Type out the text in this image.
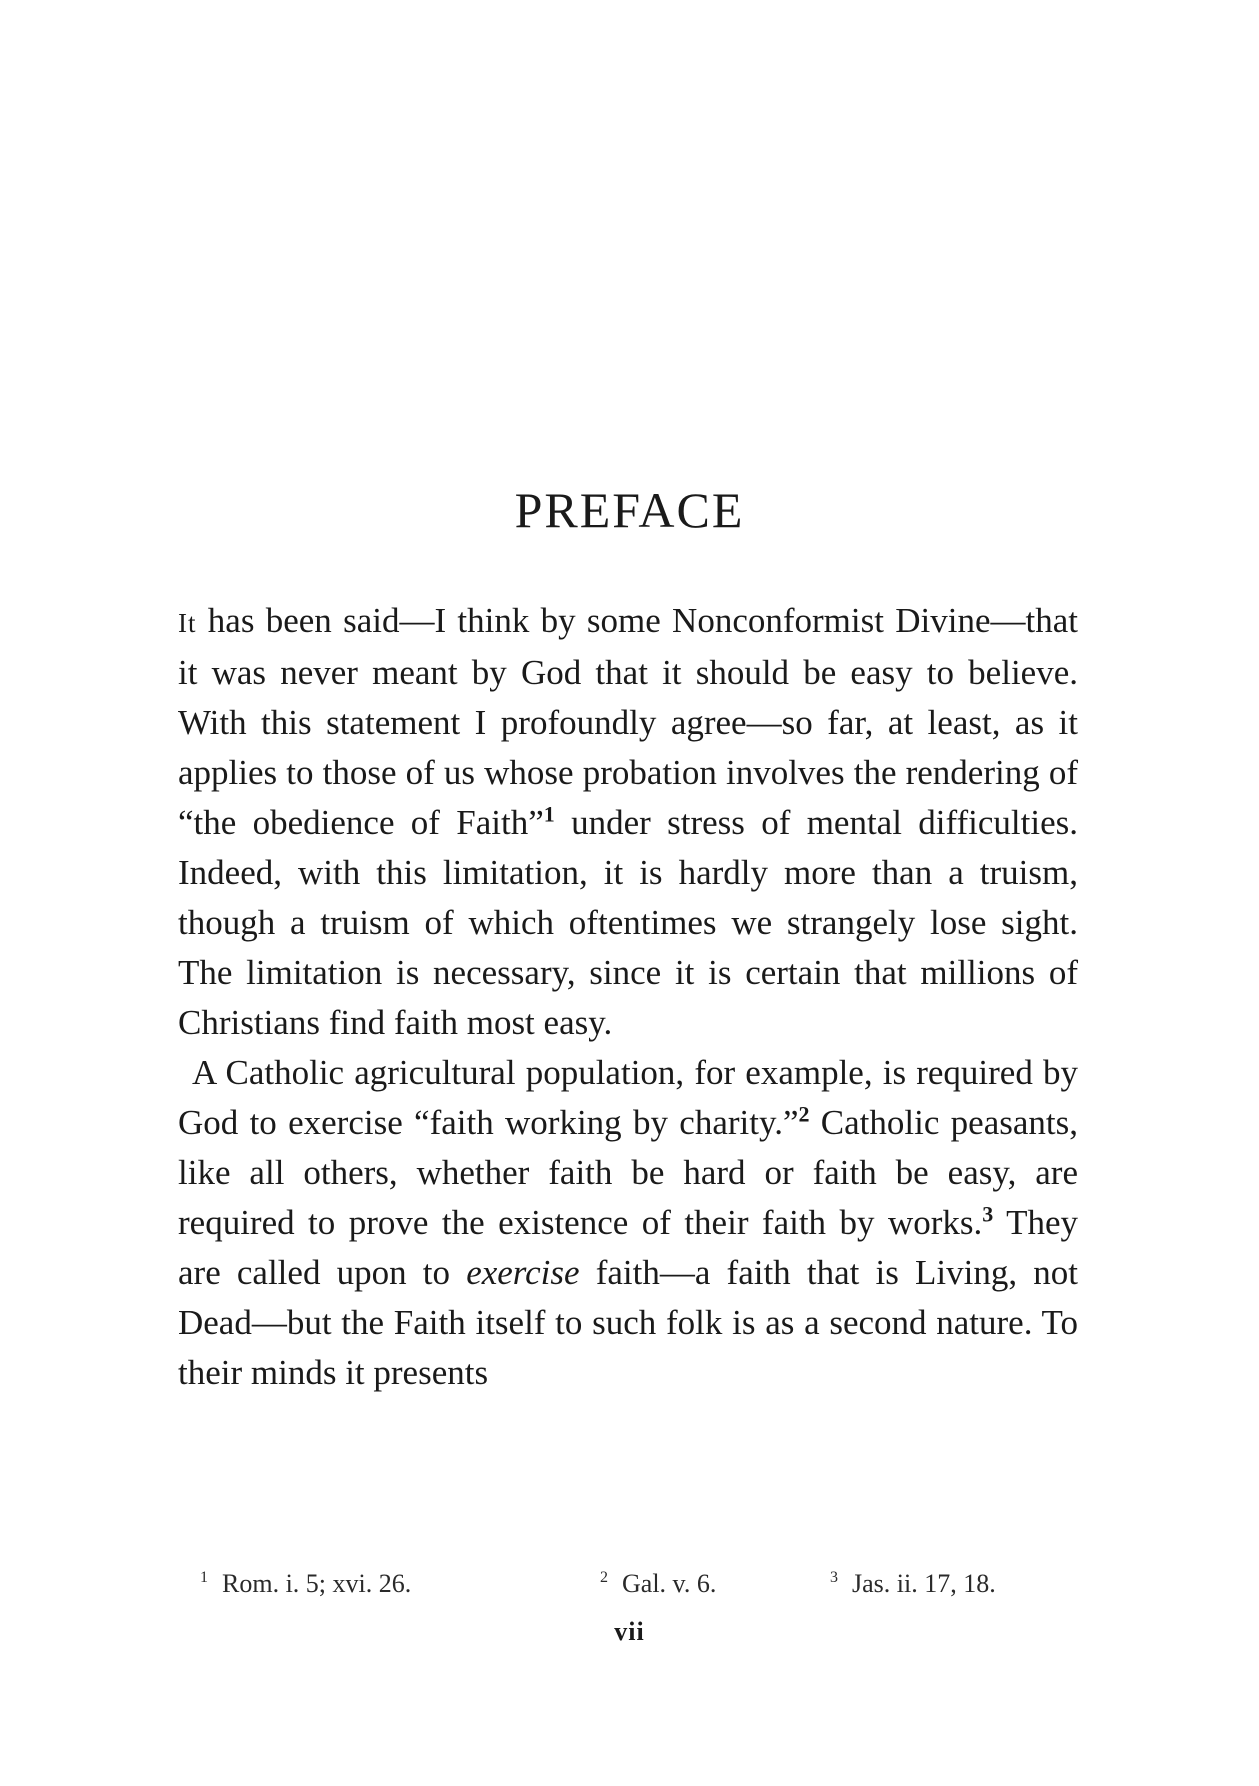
PREFACE

It has been said—I think by some Nonconformist Divine—that it was never meant by God that it should be easy to believe. With this statement I profoundly agree—so far, at least, as it applies to those of us whose probation involves the rendering of “the obedience of Faith”$^1$ under stress of mental difficulties. Indeed, with this limitation, it is hardly more than a truism, though a truism of which oftentimes we strangely lose sight. The limitation is necessary, since it is certain that millions of Christians find faith most easy.

A Catholic agricultural population, for example, is required by God to exercise “faith working by charity.”$^2$ Catholic peasants, like all others, whether faith be hard or faith be easy, are required to prove the existence of their faith by works.$^3$ They are called upon to exercise faith—a faith that is Living, not Dead—but the Faith itself to such folk is as a second nature. To their minds it presents

$^1$ Rom. i. 5; xvi. 26.	$^2$ Gal. v. 6.	$^3$ Jas. ii. 17, 18.
vii
